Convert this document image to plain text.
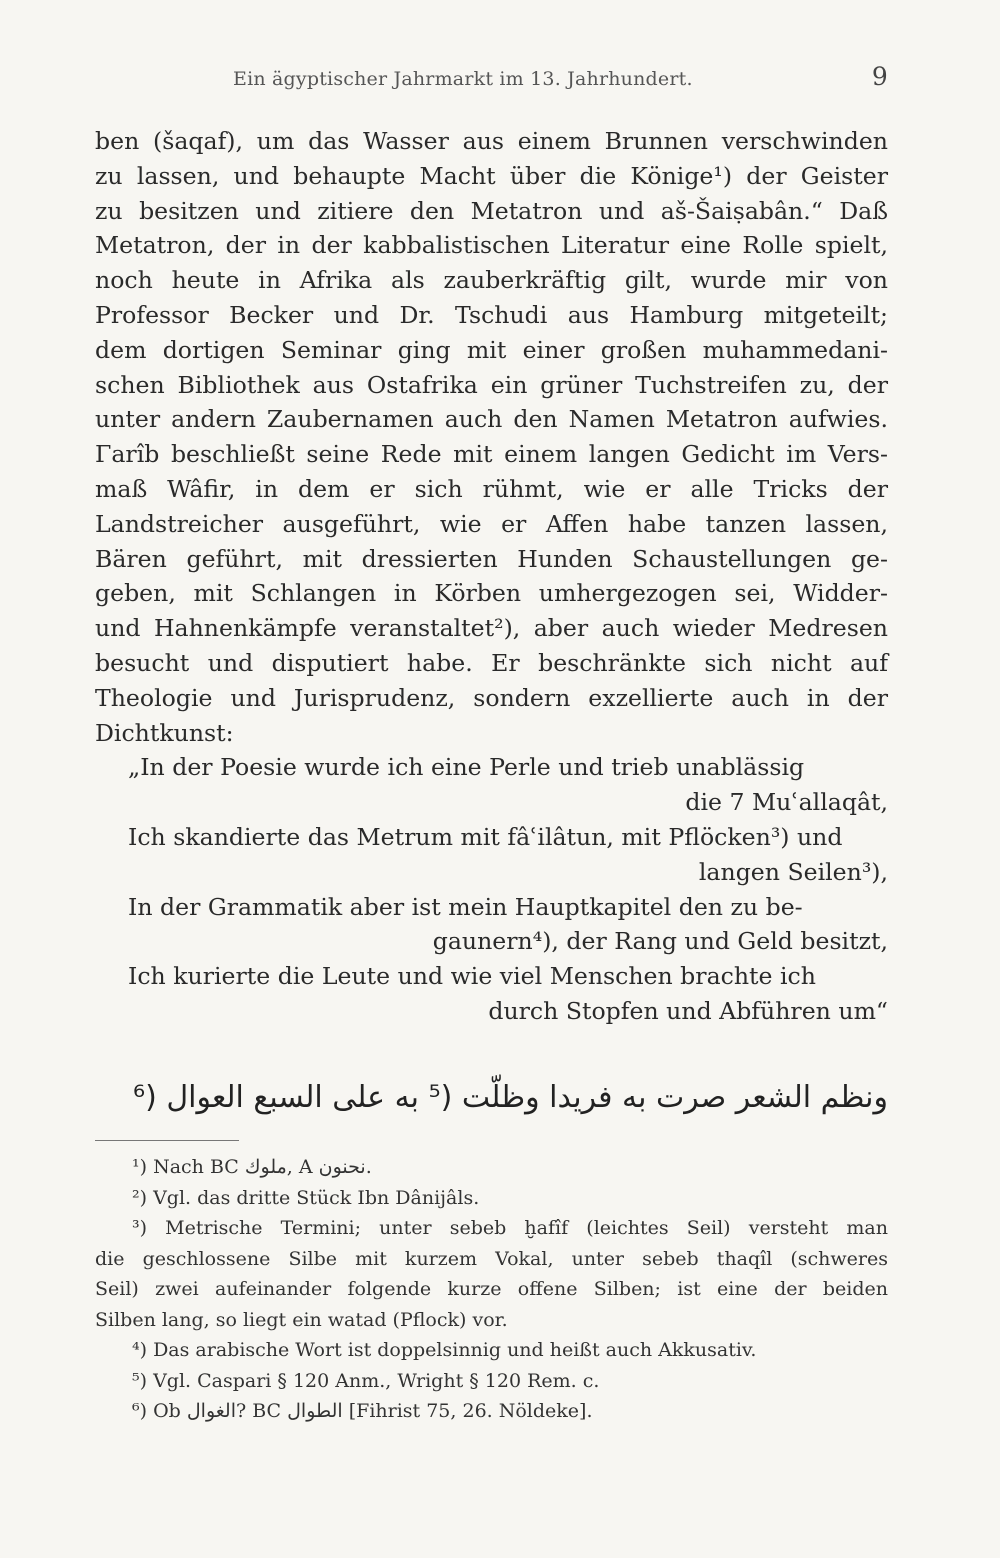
Ein ägyptischer Jahrmarkt im 13. Jahrhundert.	9
ben (šaqaf), um das Wasser aus einem Brunnen verschwinden
zu lassen, und behaupte Macht über die Könige¹) der Geister
zu besitzen und zitiere den Metatron und aš-Šaiṣabân.“ Daß
Metatron, der in der kabbalistischen Literatur eine Rolle spielt,
noch heute in Afrika als zauberkräftig gilt, wurde mir von
Professor Becker und Dr. Tschudi aus Hamburg mitgeteilt;
dem dortigen Seminar ging mit einer großen muhammedani-
schen Bibliothek aus Ostafrika ein grüner Tuchstreifen zu, der
unter andern Zaubernamen auch den Namen Metatron aufwies.
Γarîb beschließt seine Rede mit einem langen Gedicht im Vers-
maß Wâfir, in dem er sich rühmt, wie er alle Tricks der
Landstreicher ausgeführt, wie er Affen habe tanzen lassen,
Bären geführt, mit dressierten Hunden Schaustellungen ge-
geben, mit Schlangen in Körben umhergezogen sei, Widder-
und Hahnenkämpfe veranstaltet²), aber auch wieder Medresen
besucht und disputiert habe. Er beschränkte sich nicht auf
Theologie und Jurisprudenz, sondern exzellierte auch in der
Dichtkunst:
„In der Poesie wurde ich eine Perle und trieb unablässig
die 7 Muʿallaqât,
Ich skandierte das Metrum mit fâʿilâtun, mit Pflöcken³) und
langen Seilen³),
In der Grammatik aber ist mein Hauptkapitel den zu be-
gaunern⁴), der Rang und Geld besitzt,
Ich kurierte die Leute und wie viel Menschen brachte ich
durch Stopfen und Abführen um“
ونظم الشعر صرت به فريدا وظلّت (⁵ به على السبع العوال (⁶
¹) Nach BC ملوك, A نحنون.
²) Vgl. das dritte Stück Ibn Dânijâls.
³) Metrische Termini; unter sebeb ḫafîf (leichtes Seil) versteht man
die geschlossene Silbe mit kurzem Vokal, unter sebeb thaqîl (schweres
Seil) zwei aufeinander folgende kurze offene Silben; ist eine der beiden
Silben lang, so liegt ein watad (Pflock) vor.
⁴) Das arabische Wort ist doppelsinnig und heißt auch Akkusativ.
⁵) Vgl. Caspari § 120 Anm., Wright § 120 Rem. c.
⁶) Ob الغوال? BC الطوال [Fihrist 75, 26. Nöldeke].
